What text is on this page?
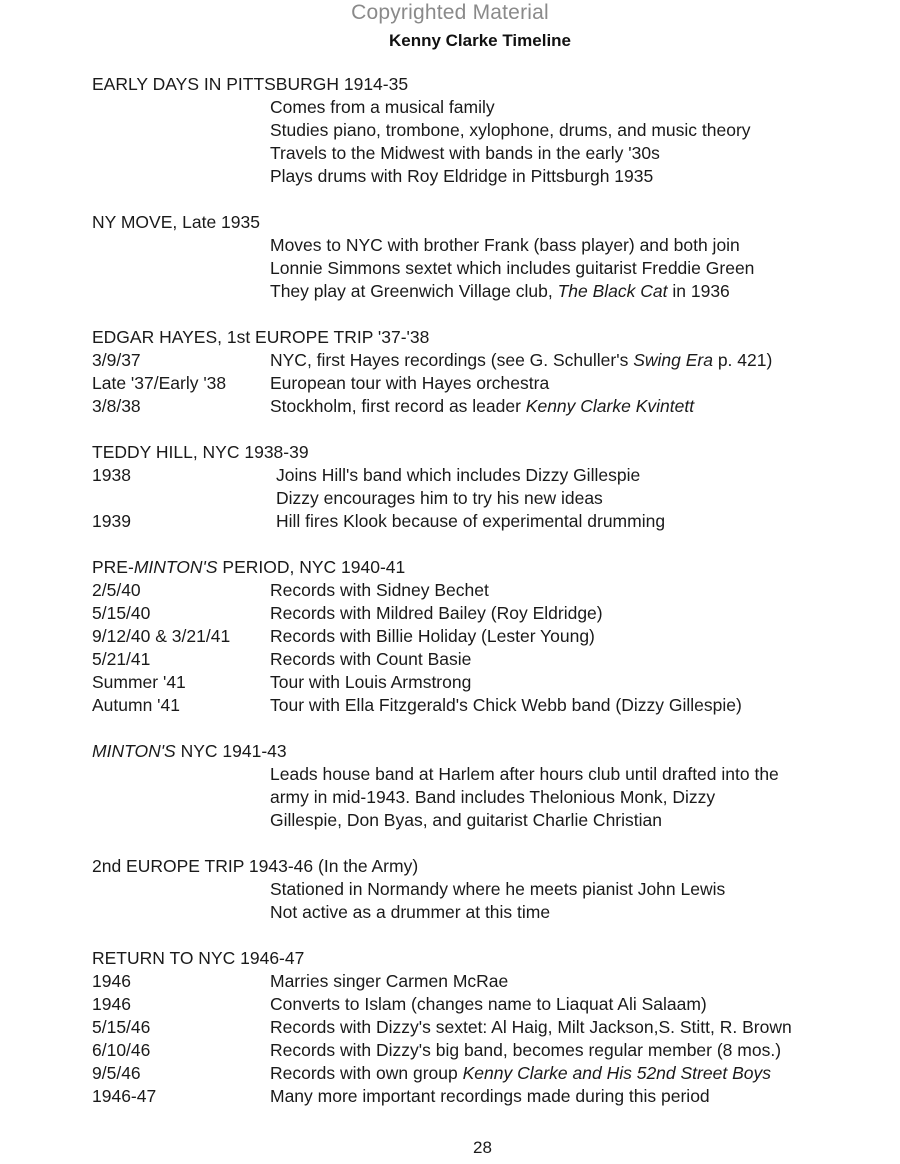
Copyrighted Material
Kenny Clarke Timeline
EARLY DAYS IN PITTSBURGH 1914-35
Comes from a musical family
Studies piano, trombone, xylophone, drums, and music theory
Travels to the Midwest with bands in the early '30s
Plays drums with Roy Eldridge in Pittsburgh 1935
NY MOVE, Late 1935
Moves to NYC with brother Frank (bass player) and both join
Lonnie Simmons sextet which includes guitarist Freddie Green
They play at Greenwich Village club, The Black Cat in 1936
EDGAR HAYES, 1st EUROPE TRIP '37-'38
3/9/37	NYC, first Hayes recordings (see G. Schuller's Swing Era p. 421)
Late '37/Early '38	European tour with Hayes orchestra
3/8/38	Stockholm, first record as leader Kenny Clarke Kvintett
TEDDY HILL, NYC 1938-39
1938	Joins Hill's band which includes Dizzy Gillespie
Dizzy encourages him to try his new ideas
1939	Hill fires Klook because of experimental drumming
PRE-MINTON'S PERIOD, NYC 1940-41
2/5/40	Records with Sidney Bechet
5/15/40	Records with Mildred Bailey (Roy Eldridge)
9/12/40 & 3/21/41	Records with Billie Holiday (Lester Young)
5/21/41	Records with Count Basie
Summer '41	Tour with Louis Armstrong
Autumn '41	Tour with Ella Fitzgerald's Chick Webb band (Dizzy Gillespie)
MINTON'S NYC 1941-43
Leads house band at Harlem after hours club until drafted into the
army in mid-1943. Band includes Thelonious Monk, Dizzy
Gillespie, Don Byas, and guitarist Charlie Christian
2nd EUROPE TRIP 1943-46 (In the Army)
Stationed in Normandy where he meets pianist John Lewis
Not active as a drummer at this time
RETURN TO NYC 1946-47
1946	Marries singer Carmen McRae
1946	Converts to Islam (changes name to Liaquat Ali Salaam)
5/15/46	Records with Dizzy's sextet: Al Haig, Milt Jackson,S. Stitt, R. Brown
6/10/46	Records with Dizzy's big band, becomes regular member (8 mos.)
9/5/46	Records with own group Kenny Clarke and His 52nd Street Boys
1946-47	Many more important recordings made during this period
28
